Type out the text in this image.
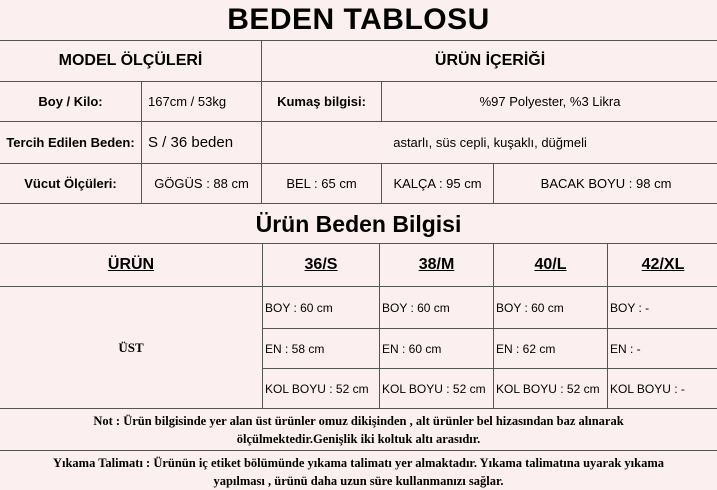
BEDEN TABLOSU
MODEL ÖLÇÜLERİ		ÜRÜN İÇERİĞİ		
Boy / Kilo:	167cm / 53kg	Kumaş bilgisi:	%97 Polyester, %3 Likra	
Tercih Edilen Beden:	S / 36 beden	astarlı, süs cepli, kuşaklı, düğmeli		
Vücut Ölçüleri:	GÖGÜS : 88 cm	BEL : 65 cm	KALÇA : 95 cm	BACAK BOYU : 98 cm
Ürün Beden Bilgisi
ÜRÜN	36/S	38/M	40/L	42/XL
ÜST	BOY : 60 cm	BOY : 60 cm	BOY : 60 cm	BOY : -
	EN : 58 cm	EN : 60 cm	EN : 62 cm	EN : -
	KOL BOYU : 52 cm	KOL BOYU : 52 cm	KOL BOYU : 52 cm	KOL BOYU : -
Not : Ürün bilgisinde yer alan üst ürünler omuz dikişinden , alt ürünler bel hizasından baz alınarak
ölçülmektedir.Genişlik iki koltuk altı arasıdır.
Yıkama Talimatı : Ürünün iç etiket bölümünde yıkama talimatı yer almaktadır. Yıkama talimatına uyarak yıkama
yapılması , ürünü daha uzun süre kullanmanızı sağlar.
